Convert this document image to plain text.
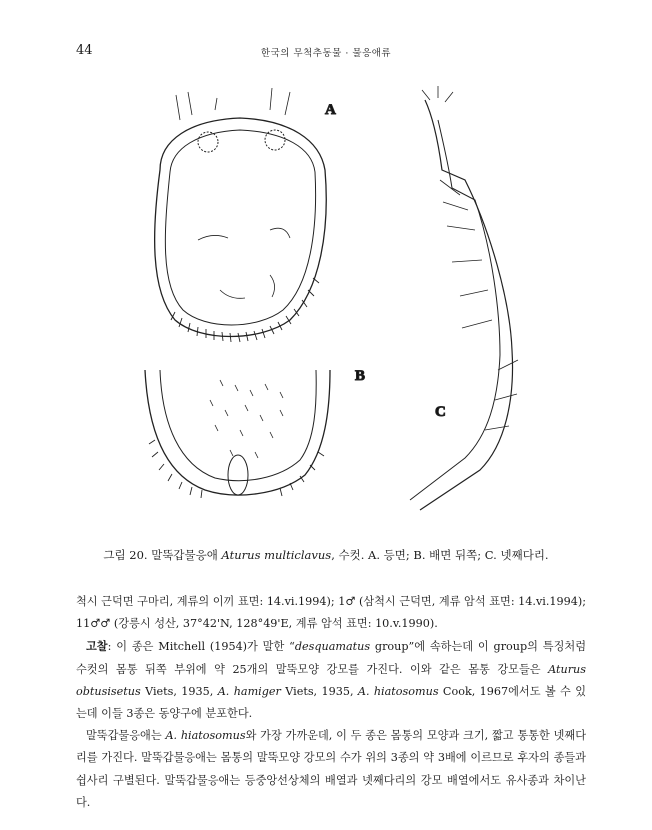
44	한국의 무척추동물 · 물응애류
A
B
C
그림 20. 말뚝갑물응애 Aturus multiclavus, 수컷. A. 등면; B. 배면 뒤쪽; C. 넷째다리.

척시 근덕면 구마리, 계류의 이끼 표면: 14.vi.1994); 1♂ (삼척시 근덕면, 계류 암석 표면: 14.vi.1994); 11♂♂ (강릉시 성산, 37°42'N, 128°49'E, 계류 암석 표면: 10.v.1990).

고찰: 이 종은 Mitchell (1954)가 말한 “desquamatus group”에 속하는데 이 group의 특징처럼 수컷의 몸통 뒤쪽 부위에 약 25개의 말뚝모양 강모를 가진다. 이와 같은 몸통 강모들은 Aturus obtusisetus Viets, 1935, A. hamiger Viets, 1935, A. hiatosomus Cook, 1967에서도 볼 수 있는데 이들 3종은 동양구에 분포한다.

말뚝갑물응애는 A. hiatosomus와 가장 가까운데, 이 두 종은 몸통의 모양과 크기, 짧고 통통한 넷째다리를 가진다. 말뚝갑물응애는 몸통의 말뚝모양 강모의 수가 위의 3종의 약 3배에 이르므로 후자의 종들과 쉽사리 구별된다. 말뚝갑물응애는 등중앙선상체의 배열과 넷째다리의 강모 배열에서도 유사종과 차이난다.
